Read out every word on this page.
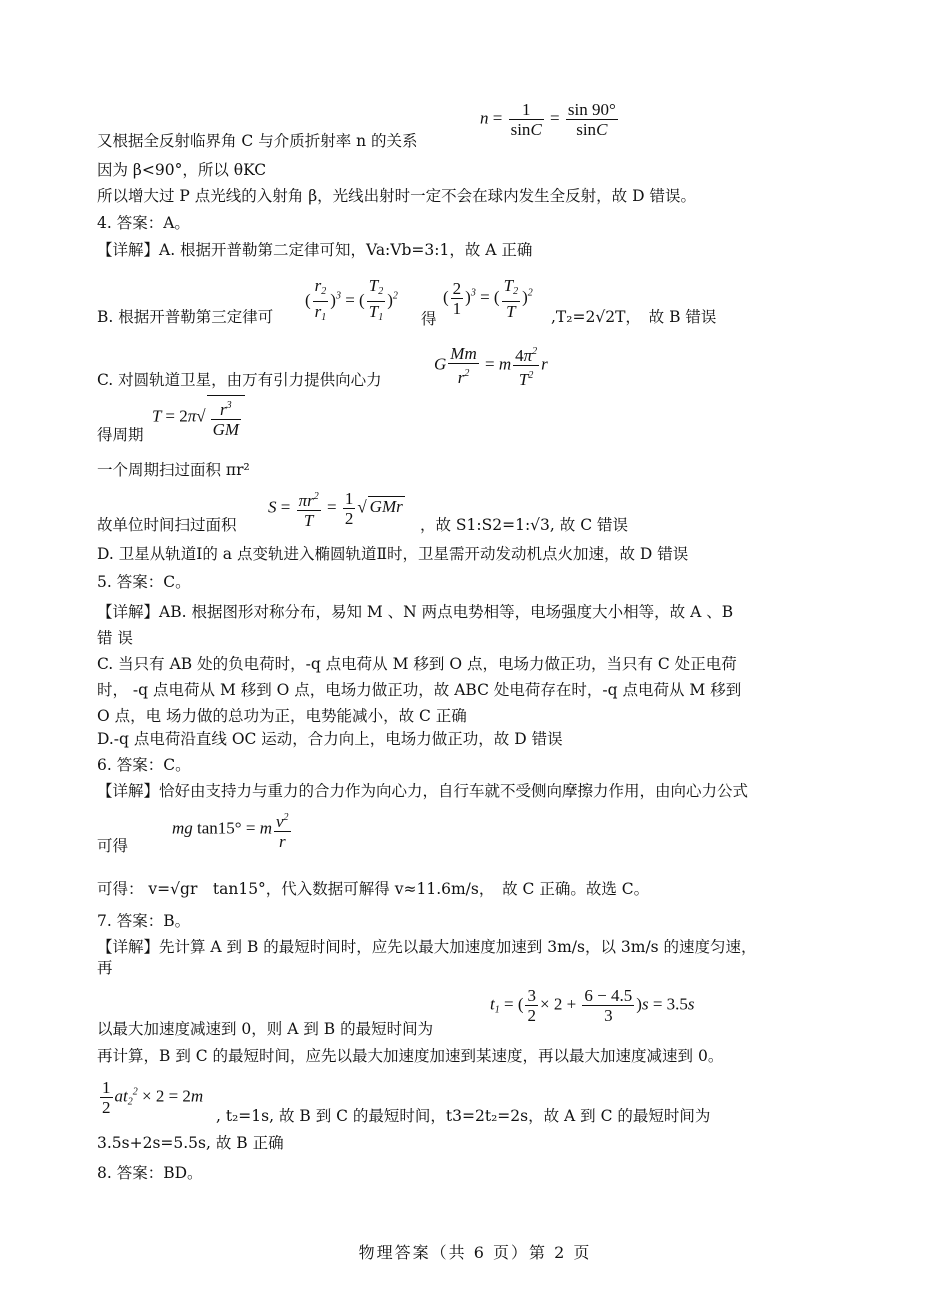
又根据全反射临界角 C 与介质折射率 n 的关系
因为 β<90°，所以 θKC
所以增大过 P 点光线的入射角 β，光线出射时一定不会在球内发生全反射，故 D 错误。
4. 答案：A。
【详解】A. 根据开普勒第二定律可知，Va:Vb=3:1，故 A 正确
B. 根据开普勒第三定律可	得	,T₂=2√2T，　故 B 错误
C. 对圆轨道卫星，由万有引力提供向心力
得周期
一个周期扫过面积 πr²
故单位时间扫过面积	，故 S1:S2=1:√3, 故 C 错误
D. 卫星从轨道Ⅰ的 a 点变轨进入椭圆轨道Ⅱ时，卫星需开动发动机点火加速，故 D 错误
5. 答案：C。
【详解】AB. 根据图形对称分布，易知 M 、N 两点电势相等，电场强度大小相等，故 A 、B
错 误
C. 当只有 AB 处的负电荷时，-q 点电荷从 M 移到 O 点，电场力做正功，当只有 C 处正电荷
时， -q 点电荷从 M 移到 O 点，电场力做正功，故 ABC 处电荷存在时，-q 点电荷从 M 移到
O 点，电 场力做的总功为正，电势能减小，故 C 正确
D.-q 点电荷沿直线 OC 运动，合力向上，电场力做正功，故 D 错误
6. 答案：C。
【详解】恰好由支持力与重力的合力作为向心力，自行车就不受侧向摩擦力作用，由向心力公式
可得
可得： v=√gr　tan15°，代入数据可解得 v≈11.6m/s，　故 C 正确。故选 C。
7. 答案：B。
【详解】先计算 A 到 B 的最短时间时，应先以最大加速度加速到 3m/s，以 3m/s 的速度匀速，
再
以最大加速度减速到 0，则 A 到 B 的最短时间为
再计算，B 到 C 的最短时间，应先以最大加速度加速到某速度，再以最大加速度减速到 0。
, t₂=1s, 故 B 到 C 的最短时间，t3=2t₂=2s，故 A 到 C 的最短时间为
3.5s+2s=5.5s, 故 B 正确
8. 答案：BD。
$n = \frac{1}{\sin C} = \frac{\sin 90^\circ}{\sin C}$
( $\frac{r_2}{r_1} )^3$ = ( $\frac{T_2}{T_1} )^2$	( $\frac{2}{1} )^3$ = ( $\frac{T_2}{T} )^2$
G $\frac{Mm}{r^2} = m \frac{4\pi^2}{T^2}$ r
$T = 2\pi√ \frac{r^3}{GM}$
$S = \frac{\pi r^2}{T} = \frac{1}{2}$ √ GMr
mg tan15° = m $\frac{v^2}{r}$
$t_1$ = ( $\frac{3}{2} \times 2 + \frac{6 - 4.5}{3} )s = 3.5s$
$\frac{1}{2} at_2^2 \times 2 = 2m$
物理答案（共 6 页）第 2 页
